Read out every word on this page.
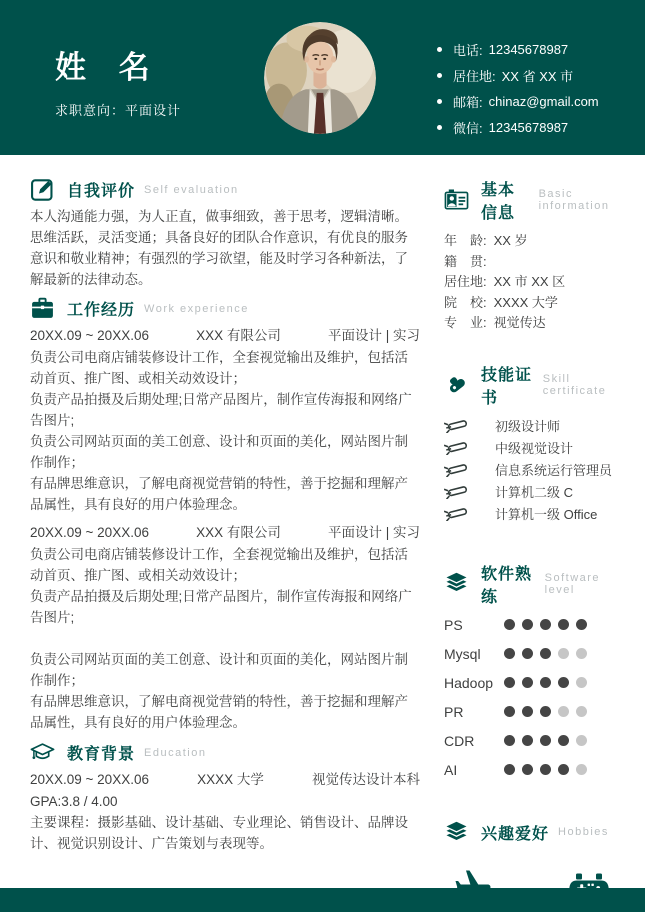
姓 名
求职意向：平面设计
电话: 12345678987
居住地: XX 省 XX 市
邮箱: chinaz@gmail.com
微信: 12345678987
自我评价 Self evaluation

本人沟通能力强，为人正直，做事细致，善于思考，逻辑清晰。思维活跃，灵活变通；具备良好的团队合作意识，有优良的服务意识和敬业精神；有强烈的学习欲望，能及时学习各种新法，了解最新的法律动态。

工作经历 Work experience
20XX.09 ~ 20XX.06	XXX 有限公司	平面设计 | 实习

负责公司电商店铺装修设计工作，全套视觉输出及维护，包括活动首页、推广图、或相关动效设计；

负责产品拍摄及后期处理;日常产品图片，制作宣传海报和网络广告图片;

负责公司网站页面的美工创意、设计和页面的美化，网站图片制作制作；

有品牌思维意识，了解电商视觉营销的特性，善于挖掘和理解产品属性，具有良好的用户体验理念。

20XX.09 ~ 20XX.06	XXX 有限公司	平面设计 | 实习

负责公司电商店铺装修设计工作，全套视觉输出及维护，包括活动首页、推广图、或相关动效设计；

负责产品拍摄及后期处理;日常产品图片，制作宣传海报和网络广告图片;

负责公司网站页面的美工创意、设计和页面的美化，网站图片制作制作；

有品牌思维意识，了解电商视觉营销的特性，善于挖掘和理解产品属性，具有良好的用户体验理念。

教育背景 Education
20XX.09 ~ 20XX.06	XXXX 大学	视觉传达设计本科
GPA:3.8 / 4.00

主要课程：摄影基础、设计基础、专业理论、销售设计、品牌设计、视觉识别设计、广告策划与表现等。

基本信息
Basic information
年　龄: XX 岁
籍　贯:
居住地: XX 市 XX 区
院　校: XXXX 大学
专　业: 视觉传达
技能证书
Skill certificate
初级设计师
中级视觉设计
信息系统运行管理员
计算机二级 C
计算机一级 Office
软件熟练
Software level
PS
Mysql
Hadoop
PR
CDR
AI
兴趣爱好 Hobbies
